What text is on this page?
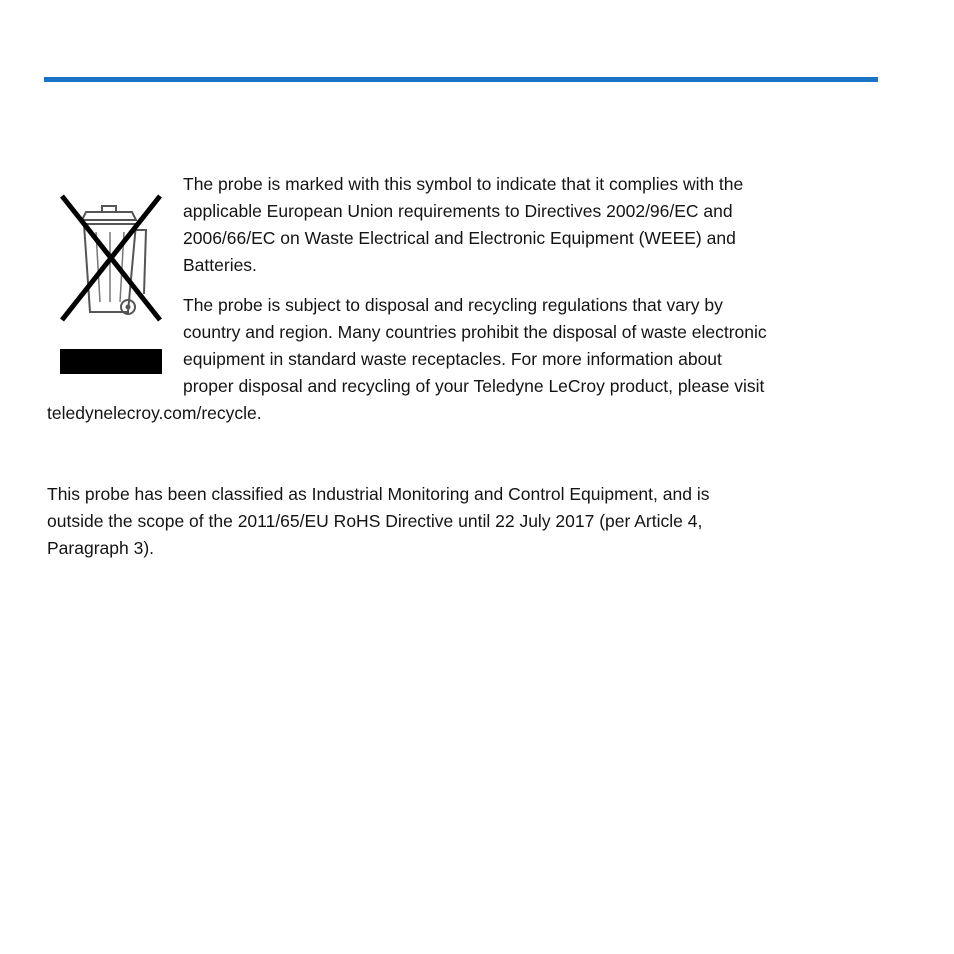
The probe is marked with this symbol to indicate that it complies with the

applicable European Union requirements to Directives 2002/96/EC and

2006/66/EC on Waste Electrical and Electronic Equipment (WEEE) and

Batteries.

The probe is subject to disposal and recycling regulations that vary by

country and region. Many countries prohibit the disposal of waste electronic

equipment in standard waste receptacles. For more information about

proper disposal and recycling of your Teledyne LeCroy product, please visit

teledynelecroy.com/recycle.

This probe has been classified as Industrial Monitoring and Control Equipment, and is

outside the scope of the 2011/65/EU RoHS Directive until 22 July 2017 (per Article 4,

Paragraph 3).
